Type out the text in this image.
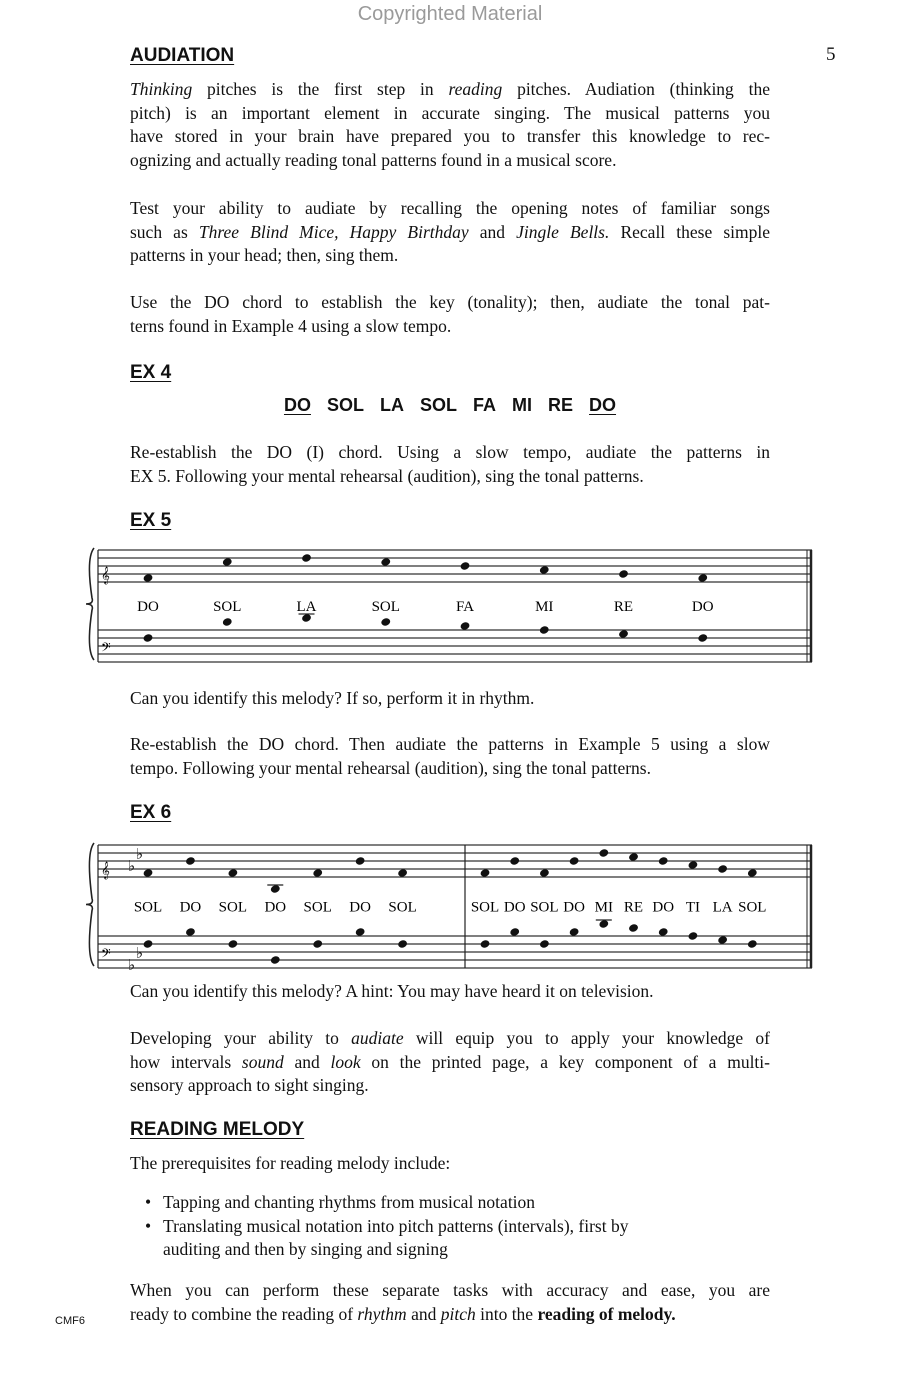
Copyrighted Material
5
AUDIATION
Thinking pitches is the first step in reading pitches. Audiation (thinking the
pitch) is an important element in accurate singing. The musical patterns you
have stored in your brain have prepared you to transfer this knowledge to rec-
ognizing and actually reading tonal patterns found in a musical score.
Test your ability to audiate by recalling the opening notes of familiar songs
such as Three Blind Mice, Happy Birthday and Jingle Bells. Recall these simple
patterns in your head; then, sing them.
Use the DO chord to establish the key (tonality); then, audiate the tonal pat-
terns found in Example 4 using a slow tempo.
EX 4
DO SOL LA SOL FA MI RE DO
Re-establish the DO (I) chord. Using a slow tempo, audiate the patterns in
EX 5. Following your mental rehearsal (audition), sing the tonal patterns.
EX 5
𝄞
𝄢
DO	SOL	LA	SOL	FA	MI	RE	DO
Can you identify this melody? If so, perform it in rhythm.
Re-establish the DO chord. Then audiate the patterns in Example 5 using a slow
tempo. Following your mental rehearsal (audition), sing the tonal patterns.
EX 6
𝄞
𝄢
♭
♭
♭
♭
SOL DO SOL DO SOL DO SOL	SOL DO SOL DO MI RE DO TI LA SOL
Can you identify this melody? A hint: You may have heard it on television.
Developing your ability to audiate will equip you to apply your knowledge of
how intervals sound and look on the printed page, a key component of a multi-
sensory approach to sight singing.
READING MELODY
The prerequisites for reading melody include:
• Tapping and chanting rhythms from musical notation
• Translating musical notation into pitch patterns (intervals), first by
auditing and then by singing and signing
When you can perform these separate tasks with accuracy and ease, you are
ready to combine the reading of rhythm and pitch into the reading of melody.
CMF6
